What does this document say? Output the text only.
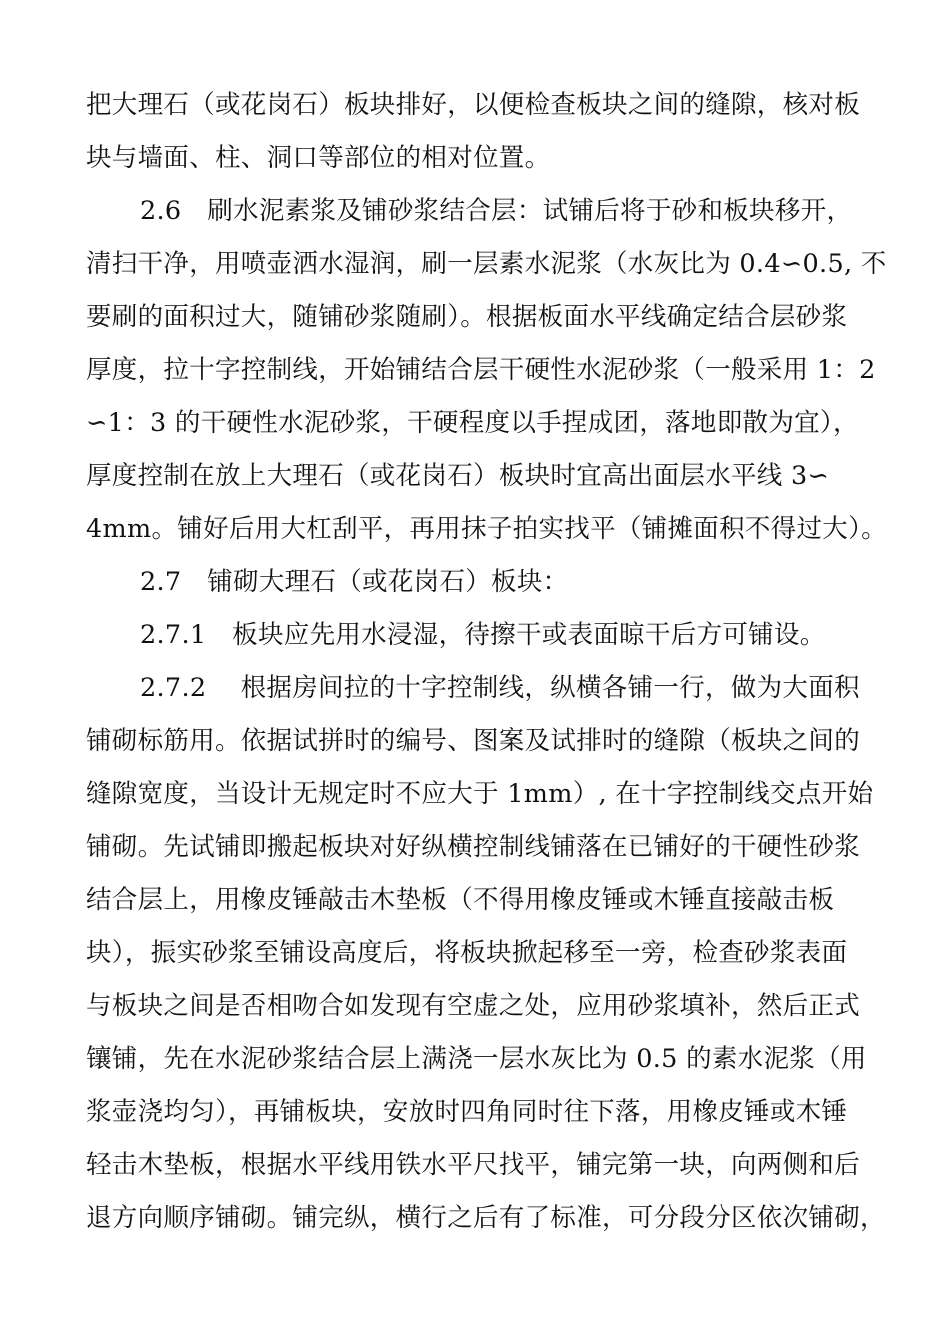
把大理石（或花岗石）板块排好，以便检查板块之间的缝隙，核对板
块与墙面、柱、洞口等部位的相对位置。
2.6　刷水泥素浆及铺砂浆结合层：试铺后将于砂和板块移开，
清扫干净，用喷壶洒水湿润，刷一层素水泥浆（水灰比为 0.4∽0.5, 不
要刷的面积过大，随铺砂浆随刷）。根据板面水平线确定结合层砂浆
厚度，拉十字控制线，开始铺结合层干硬性水泥砂浆（一般采用 1：2
∽1：3 的干硬性水泥砂浆，干硬程度以手捏成团，落地即散为宜），
厚度控制在放上大理石（或花岗石）板块时宜高出面层水平线 3∽
4mm。铺好后用大杠刮平，再用抹子拍实找平（铺摊面积不得过大）。
2.7　铺砌大理石（或花岗石）板块：
2.7.1　板块应先用水浸湿，待擦干或表面晾干后方可铺设。
2.7.2　 根据房间拉的十字控制线，纵横各铺一行，做为大面积
铺砌标筋用。依据试拼时的编号、图案及试排时的缝隙（板块之间的
缝隙宽度，当设计无规定时不应大于 1mm）, 在十字控制线交点开始
铺砌。先试铺即搬起板块对好纵横控制线铺落在已铺好的干硬性砂浆
结合层上，用橡皮锤敲击木垫板（不得用橡皮锤或木锤直接敲击板
块），振实砂浆至铺设高度后，将板块掀起移至一旁，检查砂浆表面
与板块之间是否相吻合如发现有空虚之处，应用砂浆填补，然后正式
镶铺，先在水泥砂浆结合层上满浇一层水灰比为 0.5 的素水泥浆（用
浆壶浇均匀），再铺板块，安放时四角同时往下落，用橡皮锤或木锤
轻击木垫板，根据水平线用铁水平尺找平，铺完第一块，向两侧和后
退方向顺序铺砌。铺完纵，横行之后有了标准，可分段分区依次铺砌，
